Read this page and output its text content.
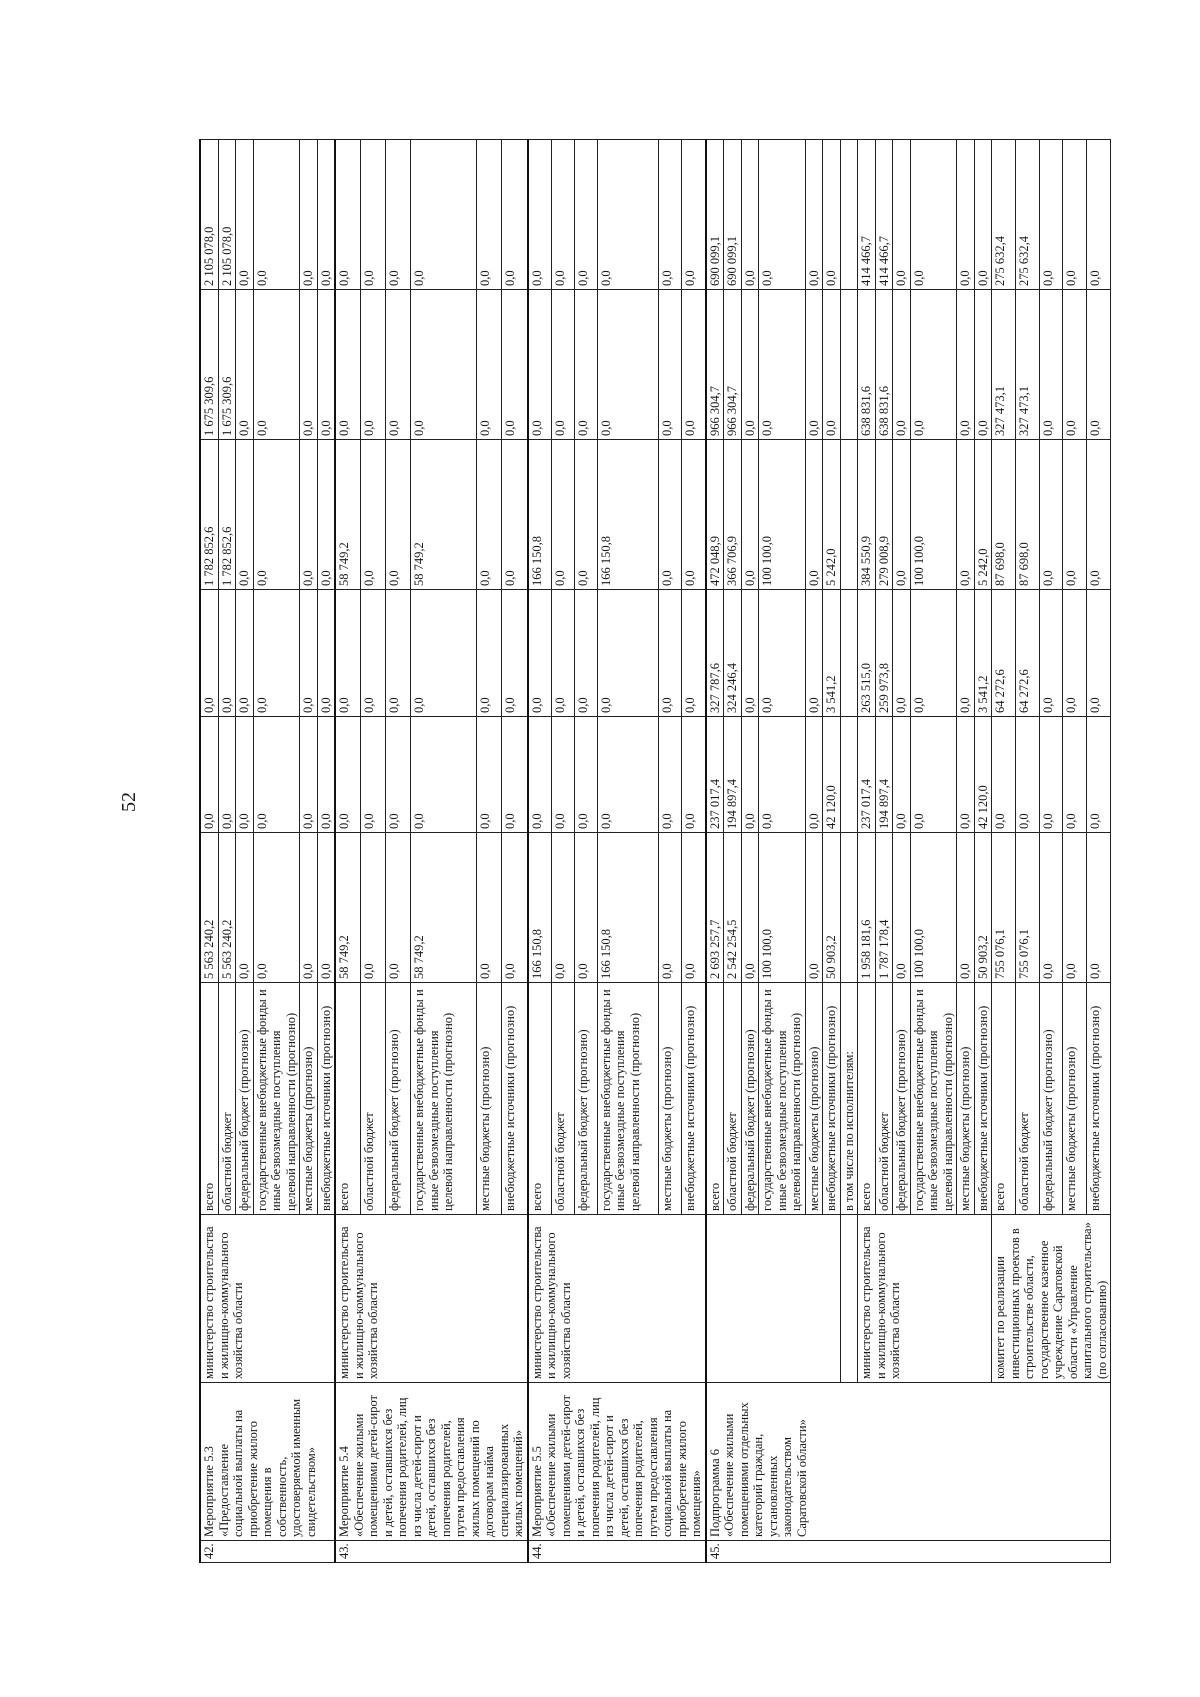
52
42.	Мероприятие 5.3 «Предоставление социальной выплаты на приобретение жилого помещения в собственность, удостоверяемой именным свидетельством»	министерство строительства и жилищно-коммунального хозяйства области	всего	5 563 240,2	0,0	0,0	1 782 852,6	1 675 309,6	2 105 078,0
			областной бюджет	5 563 240,2	0,0	0,0	1 782 852,6	1 675 309,6	2 105 078,0
			федеральный бюджет (прогнозно)	0,0	0,0	0,0	0,0	0,0	0,0
			государственные внебюджетные фонды и иные безвозмездные поступления целевой направленности (прогнозно)	0,0	0,0	0,0	0,0	0,0	0,0
			местные бюджеты (прогнозно)	0,0	0,0	0,0	0,0	0,0	0,0
			внебюджетные источники (прогнозно)	0,0	0,0	0,0	0,0	0,0	0,0
43.	Мероприятие 5.4 «Обеспечение жилыми помещениями детей-сирот и детей, оставшихся без попечения родителей, лиц из числа детей-сирот и детей, оставшихся без попечения родителей, путем предоставления жилых помещений по договорам найма специализированных жилых помещений»	министерство строительства и жилищно-коммунального хозяйства области	всего	58 749,2	0,0	0,0	58 749,2	0,0	0,0
			областной бюджет	0,0	0,0	0,0	0,0	0,0	0,0
			федеральный бюджет (прогнозно)	0,0	0,0	0,0	0,0	0,0	0,0
			государственные внебюджетные фонды и иные безвозмездные поступления целевой направленности (прогнозно)	58 749,2	0,0	0,0	58 749,2	0,0	0,0
			местные бюджеты (прогнозно)	0,0	0,0	0,0	0,0	0,0	0,0
			внебюджетные источники (прогнозно)	0,0	0,0	0,0	0,0	0,0	0,0
44.	Мероприятие 5.5 «Обеспечение жилыми помещениями детей-сирот и детей, оставшихся без попечения родителей, лиц из числа детей-сирот и детей, оставшихся без попечения родителей, путем предоставления социальной выплаты на приобретение жилого помещения»	министерство строительства и жилищно-коммунального хозяйства области	всего	166 150,8	0,0	0,0	166 150,8	0,0	0,0
			областной бюджет	0,0	0,0	0,0	0,0	0,0	0,0
			федеральный бюджет (прогнозно)	0,0	0,0	0,0	0,0	0,0	0,0
			государственные внебюджетные фонды и иные безвозмездные поступления целевой направленности (прогнозно)	166 150,8	0,0	0,0	166 150,8	0,0	0,0
			местные бюджеты (прогнозно)	0,0	0,0	0,0	0,0	0,0	0,0
			внебюджетные источники (прогнозно)	0,0	0,0	0,0	0,0	0,0	0,0
45.	Подпрограмма 6 «Обеспечение жилыми помещениями отдельных категорий граждан, установленных законодательством Саратовской области»		всего	2 693 257,7	237 017,4	327 787,6	472 048,9	966 304,7	690 099,1
			областной бюджет	2 542 254,5	194 897,4	324 246,4	366 706,9	966 304,7	690 099,1
			федеральный бюджет (прогнозно)	0,0	0,0	0,0	0,0	0,0	0,0
			государственные внебюджетные фонды и иные безвозмездные поступления целевой направленности (прогнозно)	100 100,0	0,0	0,0	100 100,0	0,0	0,0
			местные бюджеты (прогнозно)	0,0	0,0	0,0	0,0	0,0	0,0
			внебюджетные источники (прогнозно)	50 903,2	42 120,0	3 541,2	5 242,0	0,0	0,0
			в том числе по исполнителям:						
		министерство строительства и жилищно-коммунального хозяйства области	всего	1 958 181,6	237 017,4	263 515,0	384 550,9	638 831,6	414 466,7
			областной бюджет	1 787 178,4	194 897,4	259 973,8	279 008,9	638 831,6	414 466,7
			федеральный бюджет (прогнозно)	0,0	0,0	0,0	0,0	0,0	0,0
			государственные внебюджетные фонды и иные безвозмездные поступления целевой направленности (прогнозно)	100 100,0	0,0	0,0	100 100,0	0,0	0,0
			местные бюджеты (прогнозно)	0,0	0,0	0,0	0,0	0,0	0,0
			внебюджетные источники (прогнозно)	50 903,2	42 120,0	3 541,2	5 242,0	0,0	0,0
		комитет по реализации инвестиционных проектов в строительстве области, государственное казенное учреждение Саратовской области «Управление капитального строительства» (по согласованию)	всего	755 076,1	0,0	64 272,6	87 698,0	327 473,1	275 632,4
			областной бюджет	755 076,1	0,0	64 272,6	87 698,0	327 473,1	275 632,4
			федеральный бюджет (прогнозно)	0,0	0,0	0,0	0,0	0,0	0,0
			местные бюджеты (прогнозно)	0,0	0,0	0,0	0,0	0,0	0,0
			внебюджетные источники (прогнозно)	0,0	0,0	0,0	0,0	0,0	0,0
